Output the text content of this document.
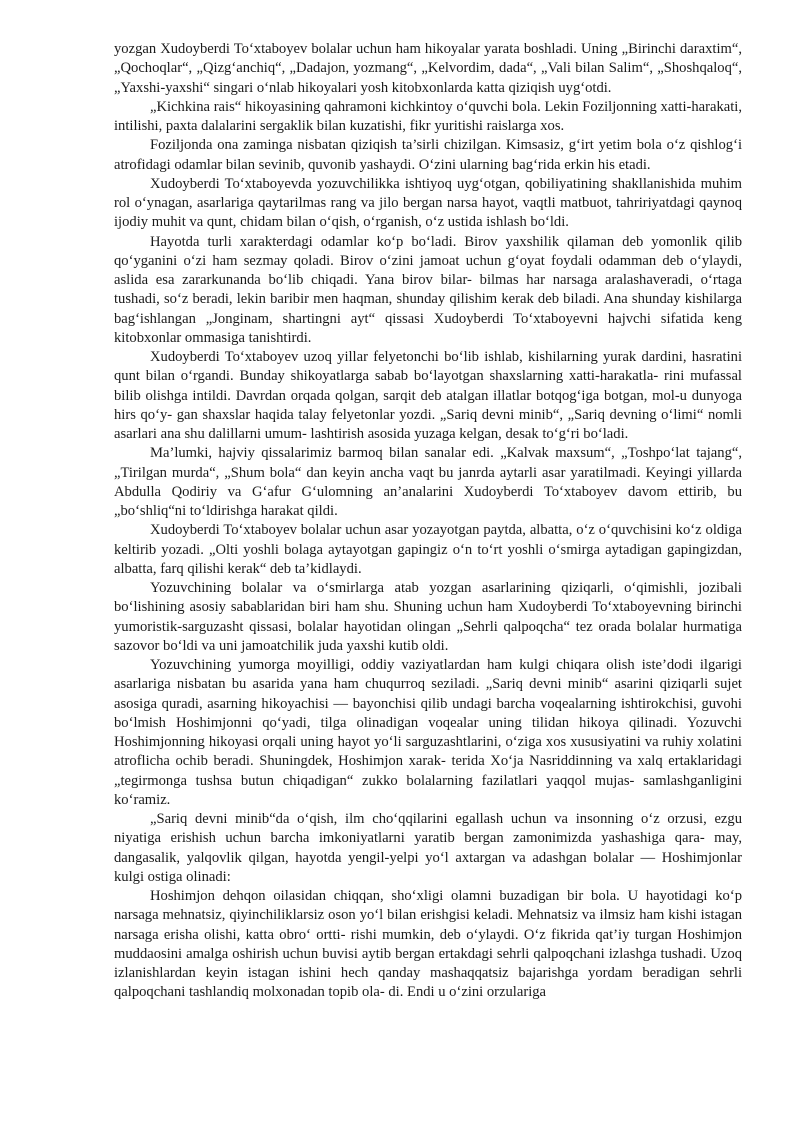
yozgan Xudoyberdi To‘xtaboyev bolalar uchun ham hikoyalar yarata boshladi. Uning „Birinchi daraxtim“, „Qochoqlar“, „Qizg‘anchiq“, „Dadajon, yozmang“, „Kelvordim, dada“, „Vali bilan Salim“, „Shoshqaloq“, „Yaxshi-yaxshi“ singari o‘nlab hikoyalari yosh kitobxonlarda katta qiziqish uyg‘otdi.

„Kichkina rais“ hikoyasining qahramoni kichkintoy o‘quvchi bola. Lekin Foziljonning xatti-harakati, intilishi, paxta dalalarini sergaklik bilan kuzatishi, fikr yuritishi raislarga xos.

Foziljonda ona zaminga nisbatan qiziqish ta’sirli chizilgan. Kimsasiz, g‘irt yetim bola o‘z qishlog‘i atrofidagi odamlar bilan sevinib, quvonib yashaydi. O‘zini ularning bag‘rida erkin his etadi.

Xudoyberdi To‘xtaboyevda yozuvchilikka ishtiyoq uyg‘otgan, qobiliyatining shakllanishida muhim rol o‘ynagan, asarlariga qaytarilmas rang va jilo bergan narsa hayot, vaqtli matbuot, tahririyatdagi qaynoq ijodiy muhit va qunt, chidam bilan o‘qish, o‘rganish, o‘z ustida ishlash bo‘ldi.

Hayotda turli xarakterdagi odamlar ko‘p bo‘ladi. Birov yaxshilik qilaman deb yomonlik qilib qo‘yganini o‘zi ham sezmay qoladi. Birov o‘zini jamoat uchun g‘oyat foydali odamman deb o‘ylaydi, aslida esa zararkunanda bo‘lib chiqadi. Yana birov bilar- bilmas har narsaga aralashaveradi, o‘rtaga tushadi, so‘z beradi, lekin baribir men haqman, shunday qilishim kerak deb biladi. Ana shunday kishilarga bag‘ishlangan „Jonginam, shartingni ayt“ qissasi Xudoyberdi To‘xtaboyevni hajvchi sifatida keng kitobxonlar ommasiga tanishtirdi.

Xudoyberdi To‘xtaboyev uzoq yillar felyetonchi bo‘lib ishlab, kishilarning yurak dardini, hasratini qunt bilan o‘rgandi. Bunday shikoyatlarga sabab bo‘layotgan shaxslarning xatti-harakatla- rini mufassal bilib olishga intildi. Davrdan orqada qolgan, sarqit deb atalgan illatlar botqog‘iga botgan, mol-u dunyoga hirs qo‘y- gan shaxslar haqida talay felyetonlar yozdi. „Sariq devni minib“, „Sariq devning o‘limi“ nomli asarlari ana shu dalillarni umum- lashtirish asosida yuzaga kelgan, desak to‘g‘ri bo‘ladi.

Ma’lumki, hajviy qissalarimiz barmoq bilan sanalar edi. „Kalvak maxsum“, „Toshpo‘lat tajang“, „Tirilgan murda“, „Shum bola“ dan keyin ancha vaqt bu janrda aytarli asar yaratilmadi. Keyingi yillarda Abdulla Qodiriy va G‘afur G‘ulomning an’analarini Xudoyberdi To‘xtaboyev davom ettirib, bu „bo‘shliq“ni to‘ldirishga harakat qildi.

Xudoyberdi To‘xtaboyev bolalar uchun asar yozayotgan paytda, albatta, o‘z o‘quvchisini ko‘z oldiga keltirib yozadi. „Olti yoshli bolaga aytayotgan gapingiz o‘n to‘rt yoshli o‘smirga aytadigan gapingizdan, albatta, farq qilishi kerak“ deb ta’kidlaydi.

Yozuvchining bolalar va o‘smirlarga atab yozgan asarlarining qiziqarli, o‘qimishli, jozibali bo‘lishining asosiy sabablaridan biri ham shu. Shuning uchun ham Xudoyberdi To‘xtaboyevning birinchi yumoristik-sarguzasht qissasi, bolalar hayotidan olingan „Sehrli qalpoqcha“ tez orada bolalar hurmatiga sazovor bo‘ldi va uni jamoatchilik juda yaxshi kutib oldi.

Yozuvchining yumorga moyilligi, oddiy vaziyatlardan ham kulgi chiqara olish iste’dodi ilgarigi asarlariga nisbatan bu asarida yana ham chuqurroq seziladi. „Sariq devni minib“ asarini qiziqarli sujet asosiga quradi, asarning hikoyachisi — bayonchisi qilib undagi barcha voqealarning ishtirokchisi, guvohi bo‘lmish Hoshimjonni qo‘yadi, tilga olinadigan voqealar uning tilidan hikoya qilinadi. Yozuvchi Hoshimjonning hikoyasi orqali uning hayot yo‘li sarguzashtlarini, o‘ziga xos xususiyatini va ruhiy xolatini atroflicha ochib beradi. Shuningdek, Hoshimjon xarak- terida Xo‘ja Nasriddinning va xalq ertaklaridagi „tegirmonga tushsa butun chiqadigan“ zukko bolalarning fazilatlari yaqqol mujas- samlashganligini ko‘ramiz.

„Sariq devni minib“da o‘qish, ilm cho‘qqilarini egallash uchun va insonning o‘z orzusi, ezgu niyatiga erishish uchun barcha imkoniyatlarni yaratib bergan zamonimizda yashashiga qara- may, dangasalik, yalqovlik qilgan, hayotda yengil-yelpi yo‘l axtargan va adashgan bolalar — Hoshimjonlar kulgi ostiga olinadi:

Hoshimjon dehqon oilasidan chiqqan, sho‘xligi olamni buzadigan bir bola. U hayotidagi ko‘p narsaga mehnatsiz, qiyinchiliklarsiz oson yo‘l bilan erishgisi keladi. Mehnatsiz va ilmsiz ham kishi istagan narsaga erisha olishi, katta obro‘ ortti- rishi mumkin, deb o‘ylaydi. O‘z fikrida qat’iy turgan Hoshimjon muddaosini amalga oshirish uchun buvisi aytib bergan ertakdagi sehrli qalpoqchani izlashga tushadi. Uzoq izlanishlardan keyin istagan ishini hech qanday mashaqqatsiz bajarishga yordam beradigan sehrli qalpoqchani tashlandiq molxonadan topib ola- di. Endi u o‘zini orzulariga
